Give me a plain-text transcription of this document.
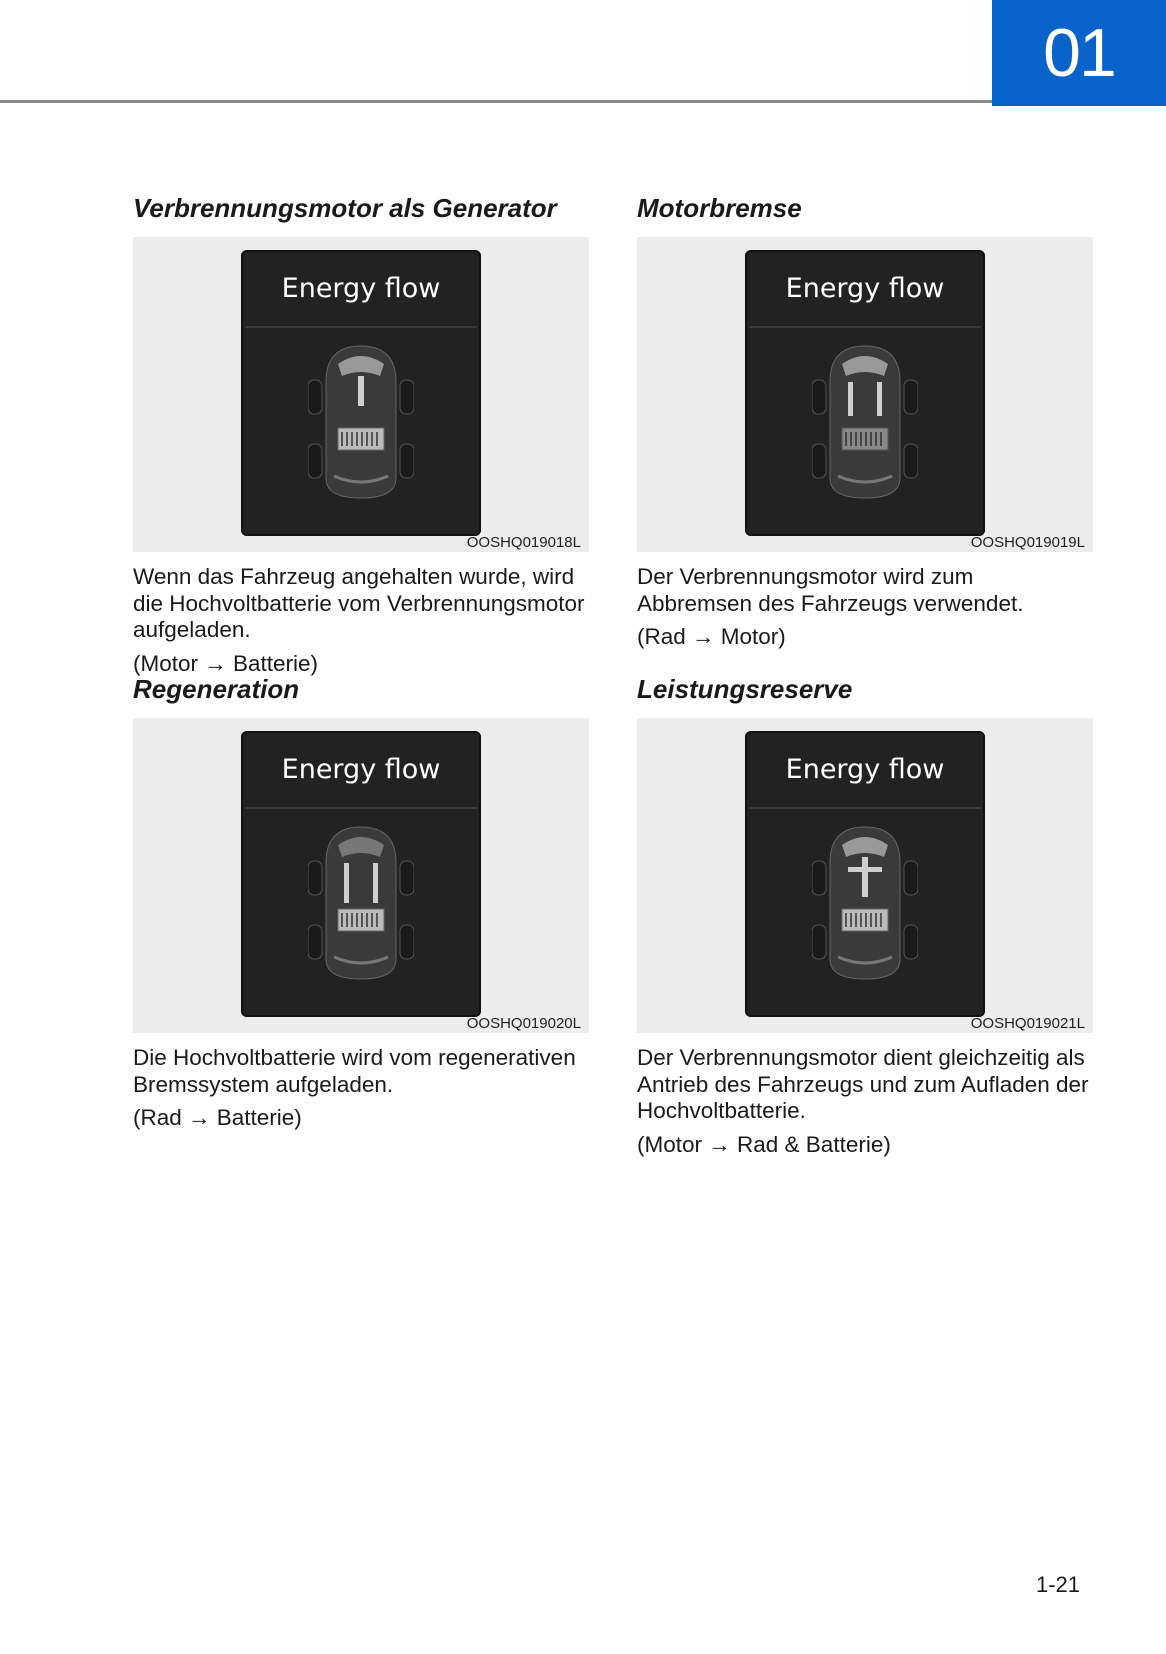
01
Verbrennungsmotor als Generator
Energy flow
OOSHQ019018L

Wenn das Fahrzeug angehalten wurde, wird die Hochvoltbatterie vom Verbrennungsmotor aufgeladen.

(Motor → Batterie)

Motorbremse
Energy flow
OOSHQ019019L

Der Verbrennungsmotor wird zum Abbremsen des Fahrzeugs verwendet.

(Rad → Motor)

Regeneration
Energy flow
OOSHQ019020L

Die Hochvoltbatterie wird vom regenerativen Bremssystem aufgeladen.

(Rad → Batterie)

Leistungsreserve
Energy flow
OOSHQ019021L

Der Verbrennungsmotor dient gleichzeitig als Antrieb des Fahrzeugs und zum Aufladen der Hochvoltbatterie.

(Motor → Rad & Batterie)

1-21
